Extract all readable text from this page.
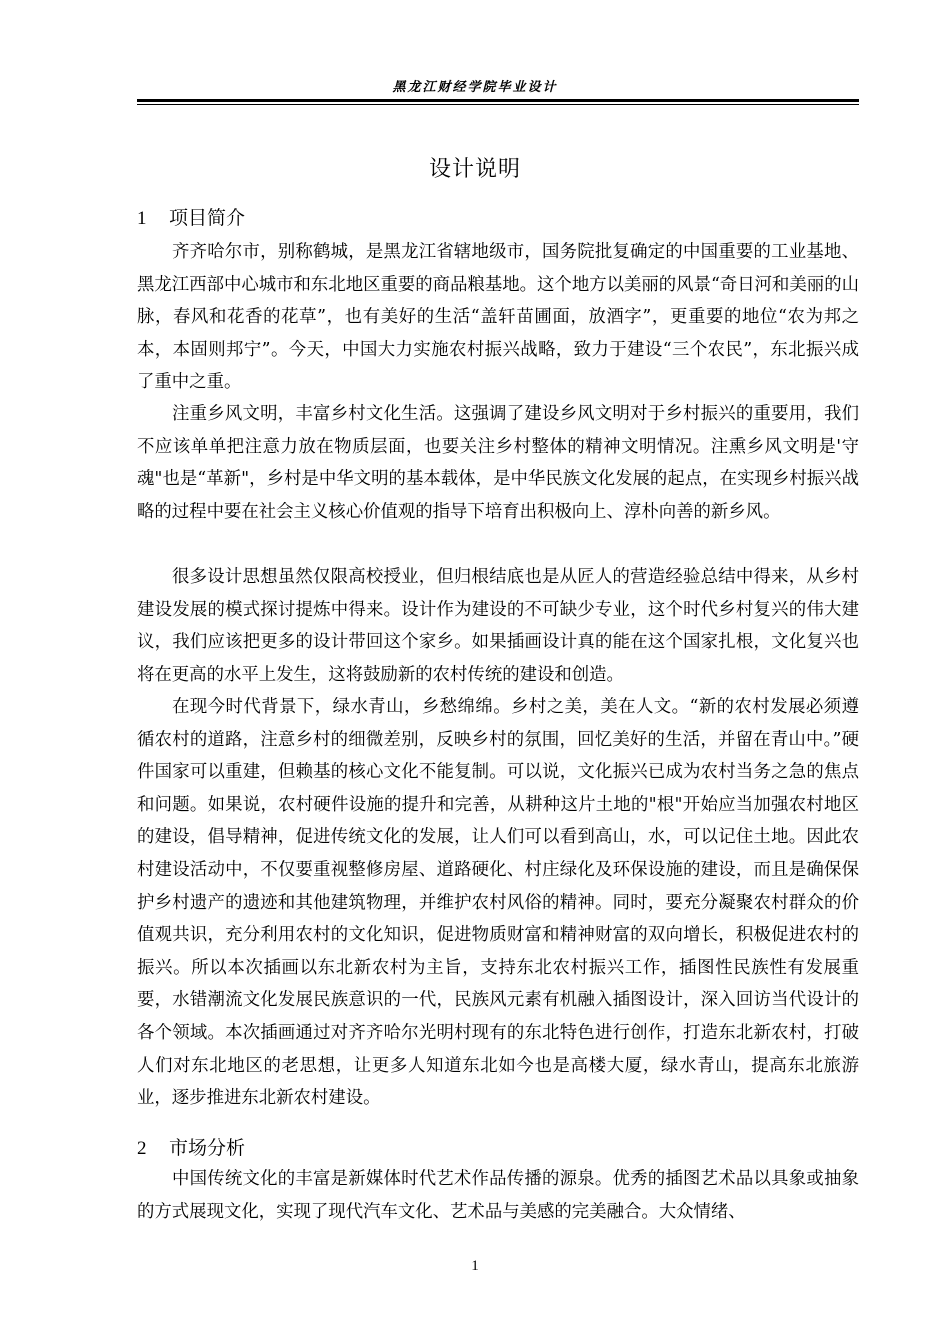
黑龙江财经学院毕业设计
设计说明
1 项目简介

齐齐哈尔市，别称鹤城，是黑龙江省辖地级市，国务院批复确定的中国重要的工业基地、黑龙江西部中心城市和东北地区重要的商品粮基地。这个地方以美丽的风景“奇日河和美丽的山脉，春风和花香的花草”，也有美好的生活“盖轩苗圃面，放酒字”，更重要的地位“农为邦之本，本固则邦宁”。今天，中国大力实施农村振兴战略，致力于建设“三个农民”，东北振兴成了重中之重。

注重乡风文明，丰富乡村文化生活。这强调了建设乡风文明对于乡村振兴的重要用，我们不应该单单把注意力放在物质层面，也要关注乡村整体的精神文明情况。注熏乡风文明是'守魂"也是“革新"，乡村是中华文明的基本载体，是中华民族文化发展的起点，在实现乡村振兴战略的过程中要在社会主义核心价值观的指导下培育出积极向上、淳朴向善的新乡风。

很多设计思想虽然仅限高校授业，但归根结底也是从匠人的营造经验总结中得来，从乡村建设发展的模式探讨提炼中得来。设计作为建设的不可缺少专业，这个时代乡村复兴的伟大建议，我们应该把更多的设计带回这个家乡。如果插画设计真的能在这个国家扎根，文化复兴也将在更高的水平上发生，这将鼓励新的农村传统的建设和创造。

在现今时代背景下，绿水青山，乡愁绵绵。乡村之美，美在人文。“新的农村发展必须遵循农村的道路，注意乡村的细微差别，反映乡村的氛围，回忆美好的生活，并留在青山中。”硬件国家可以重建，但赖基的核心文化不能复制。可以说，文化振兴已成为农村当务之急的焦点和问题。如果说，农村硬件设施的提升和完善，从耕种这片土地的"根"开始应当加强农村地区的建设，倡导精神，促进传统文化的发展，让人们可以看到高山，水，可以记住土地。因此农村建设活动中，不仅要重视整修房屋、道路硬化、村庄绿化及环保设施的建设，而且是确保保护乡村遗产的遗迹和其他建筑物理，并维护农村风俗的精神。同时，要充分凝聚农村群众的价值观共识，充分利用农村的文化知识，促进物质财富和精神财富的双向增长，积极促进农村的振兴。所以本次插画以东北新农村为主旨，支持东北农村振兴工作，插图性民族性有发展重要，水错潮流文化发展民族意识的一代，民族风元素有机融入插图设计，深入回访当代设计的各个领域。本次插画通过对齐齐哈尔光明村现有的东北特色进行创作，打造东北新农村，打破人们对东北地区的老思想，让更多人知道东北如今也是高楼大厦，绿水青山，提高东北旅游业，逐步推进东北新农村建设。

2 市场分析

中国传统文化的丰富是新媒体时代艺术作品传播的源泉。优秀的插图艺术品以具象或抽象的方式展现文化，实现了现代汽车文化、艺术品与美感的完美融合。大众情绪、

1
